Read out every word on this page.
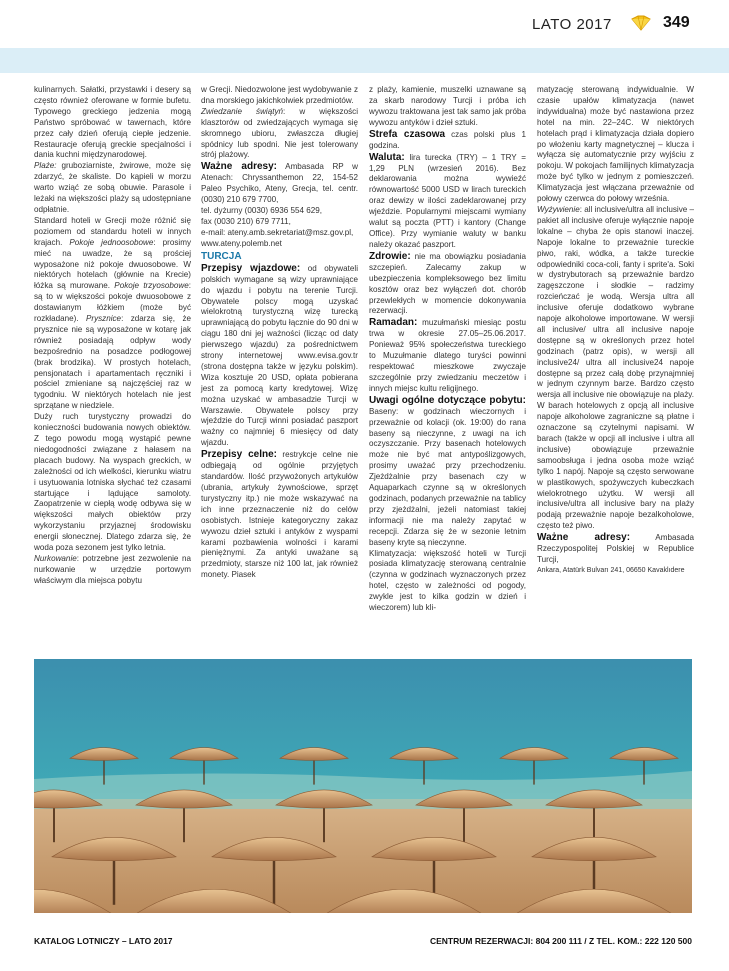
LATO 2017	349

kulinarnych. Sałatki, przystawki i desery są często również oferowane w formie bufetu. Typowego greckiego jedzenia mogą Państwo spróbować w tawernach, które przez cały dzień oferują ciepłe jedzenie. Restauracje oferują greckie specjalności i dania kuchni międzynarodowej.

Plaże: gruboziarniste, żwirowe, może się zdarzyć, że skaliste. Do kąpieli w morzu warto wziąć ze sobą obuwie. Parasole i leżaki na większości plaży są udostępniane odpłatnie.

Standard hoteli w Grecji może różnić się poziomem od standardu hoteli w innych krajach. Pokoje jednoosobowe: prosimy mieć na uwadze, że są prościej wyposażone niż pokoje dwuosobowe. W niektórych hotelach (głównie na Krecie) łóżka są murowane. Pokoje trzyosobowe: są to w większości pokoje dwuosobowe z dostawianym łóżkiem (może być rozkładane). Prysznice: zdarza się, że prysznice nie są wyposażone w kotarę jak również posiadają odpływ wody bezpośrednio na posadzce podłogowej (brak brodzika). W prostych hotelach, pensjonatach i apartamentach ręczniki i pościel zmieniane są najczęściej raz w tygodniu. W niektórych hotelach nie jest sprzątane w niedziele.

Duży ruch turystyczny prowadzi do konieczności budowania nowych obiektów. Z tego powodu mogą wystąpić pewne niedogodności związane z hałasem na placach budowy. Na wyspach greckich, w zależności od ich wielkości, kierunku wiatru i usytuowania lotniska słychać też czasami startujące i lądujące samoloty. Zaopatrzenie w ciepłą wodę odbywa się w większości małych obiektów przy wykorzystaniu przyjaznej środowisku energii słonecznej. Dlatego zdarza się, że woda poza sezonem jest tylko letnia.

Nurkowanie: potrzebne jest zezwolenie na nurkowanie w urzędzie portowym właściwym dla miejsca pobytu

w Grecji. Niedozwolone jest wydobywanie z dna morskiego jakichkolwiek przedmiotów.

Zwiedzanie świątyń: w większości klasztorów od zwiedzających wymaga się skromnego ubioru, zwłaszcza długiej spódnicy lub spodni. Nie jest tolerowany strój plażowy.

Ważne adresy: Ambasada RP w Atenach: Chryssanthemon 22, 154-52 Paleo Psychiko, Ateny, Grecja, tel. centr. (0030) 210 679 7700,

tel. dyżurny (0030) 6936 554 629,

fax (0030 210) 679 7711,

e-mail: ateny.amb.sekretariat@msz.gov.pl,

www.ateny.polemb.net

TURCJA

Przepisy wjazdowe: od obywateli polskich wymagane są wizy uprawniające do wjazdu i pobytu na terenie Turcji. Obywatele polscy mogą uzyskać wielokrotną turystyczną wizę turecką uprawniającą do pobytu łącznie do 90 dni w ciągu 180 dni jej ważności (licząc od daty pierwszego wjazdu) za pośrednictwem strony internetowej www.evisa.gov.tr (strona dostępna także w języku polskim). Wiza kosztuje 20 USD, opłata pobierana jest za pomocą karty kredytowej. Wizę można uzyskać w ambasadzie Turcji w Warszawie. Obywatele polscy przy wjeździe do Turcji winni posiadać paszport ważny co najmniej 6 miesięcy od daty wjazdu.

Przepisy celne: restrykcje celne nie odbiegają od ogólnie przyjętych standardów. Ilość przywożonych artykułów (ubrania, artykuły żywnościowe, sprzęt turystyczny itp.) nie może wskazywać na ich inne przeznaczenie niż do celów osobistych. Istnieje kategoryczny zakaz wywozu dzieł sztuki i antyków z wyspami karami pozbawienia wolności i karami pieniężnymi. Za antyki uważane są przedmioty, starsze niż 100 lat, jak również monety. Piasek

z plaży, kamienie, muszelki uznawane są za skarb narodowy Turcji i próba ich wywozu traktowana jest tak samo jak próba wywozu antyków i dzieł sztuki.

Strefa czasowa czas polski plus 1 godzina.

Waluta: lira turecka (TRY) – 1 TRY = 1,29 PLN (wrzesień 2016). Bez deklarowania można wywieźć równowartość 5000 USD w lirach tureckich oraz dewizy w ilości zadeklarowanej przy wjeździe. Popularnymi miejscami wymiany walut są poczta (PTT) i kantory (Change Office). Przy wymianie waluty w banku należy okazać paszport.

Zdrowie: nie ma obowiązku posiadania szczepień. Zalecamy zakup w ubezpieczenia kompleksowego bez limitu kosztów oraz bez wyłączeń dot. chorób przewlekłych w momencie dokonywania rezerwacji.

Ramadan: muzułmański miesiąc postu trwa w okresie 27.05–25.06.2017. Ponieważ 95% społeczeństwa tureckiego to Muzułmanie dlatego turyści powinni respektować mieszkowe zwyczaje szczególnie przy zwiedzaniu meczetów i innych miejsc kultu religijnego.

Uwagi ogólne dotyczące pobytu: Baseny: w godzinach wieczornych i przeważnie od kolacji (ok. 19:00) do rana baseny są nieczynne, z uwagi na ich oczyszczanie. Przy basenach hotelowych może nie być mat antypoślizgowych, prosimy uważać przy przechodzeniu. Zjeżdżalnie przy basenach czy w Aquaparkach czynne są w określonych godzinach, podanych przeważnie na tablicy przy zjeżdżalni, jeżeli natomiast takiej informacji nie ma należy zapytać w recepcji. Zdarza się że w sezonie letnim baseny kryte są nieczynne.

Klimatyzacja: większość hoteli w Turcji posiada klimatyzację sterowaną centralnie (czynna w godzinach wyznaczonych przez hotel, często w zależności od pogody, zwykle jest to kilka godzin w dzień i wieczorem) lub kli-

matyzację sterowaną indywidualnie. W czasie upałów klimatyzacja (nawet indywidualna) może być nastawiona przez hotel na min. 22–24C. W niektórych hotelach prąd i klimatyzacja działa dopiero po włożeniu karty magnetycznej – klucza i wyłącza się automatycznie przy wyjściu z pokoju. W pokojach familijnych klimatyzacja może być tylko w jednym z pomieszczeń. Klimatyzacja jest włączana przeważnie od połowy czerwca do połowy września.

Wyżywienie: all inclusive/ultra all inclusive – pakiet all inclusive oferuje wyłącznie napoje lokalne – chyba że opis stanowi inaczej. Napoje lokalne to przeważnie tureckie piwo, raki, wódka, a także tureckie odpowiedniki coca-coli, fanty i sprite'a. Soki w dystrybutorach są przeważnie bardzo zagęszczone i słodkie – radzimy rozcieńczać je wodą. Wersja ultra all inclusive oferuje dodatkowo wybrane napoje alkoholowe importowane. W wersji all inclusive/ ultra all inclusive napoje dostępne są w określonych przez hotel godzinach (patrz opis), w wersji all inclusive24/ ultra all inclusive24 napoje dostępne są przez całą dobę przynajmniej w jednym czynnym barze. Bardzo często wersja all inclusive nie obowiązuje na plaży. W barach hotelowych z opcją all inclusive napoje alkoholowe zagraniczne są płatne i oznaczone są czytelnymi napisami. W barach (także w opcji all inclusive i ultra all inclusive) obowiązuje przeważnie samoobsługa i jedna osoba może wziąć tylko 1 napój. Napoje są często serwowane w plastikowych, spożywczych kubeczkach wielokrotnego użytku. W wersji all inclusive/ultra all inclusive bary na plaży podają przeważnie napoje bezalkoholowe, często też piwo.

Ważne adresy: Ambasada Rzeczypospolitej Polskiej w Republice Turcji,

Ankara, Atatürk Bulvarı 241, 06650 Kavaklıdere

KATALOG LOTNICZY – LATO 2017	CENTRUM REZERWACJI: 804 200 111 / Z TEL. KOM.: 222 120 500
